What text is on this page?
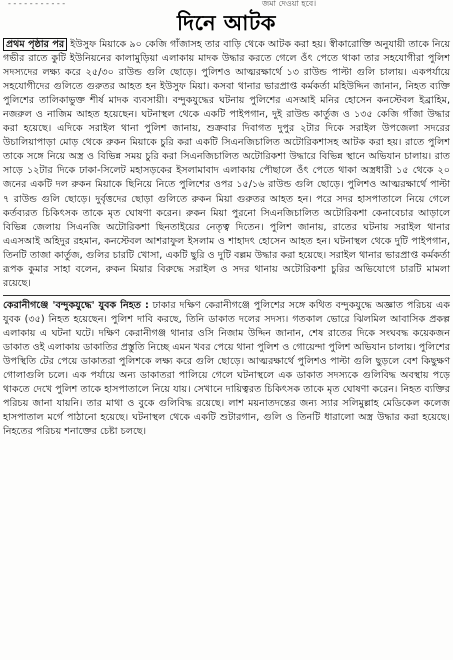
- - - - - - - - - - -	জমা দেওয়া হবে।
দিনে আটক

প্রথম পৃষ্ঠার পর ইউসুফ মিয়াকে ৯০ কেজি গাঁজাসহ তার বাড়ি থেকে আটক করা হয়। স্বীকারোক্তি অনুযায়ী তাকে নিয়ে গভীর রাতে কুটি ইউনিয়নের কালামুড়িয়া এলাকায় মাদক উদ্ধার করতে গেলে ওঁৎ পেতে থাকা তার সহযোগীরা পুলিশ সদস্যদের লক্ষ্য করে ২৫/৩০ রাউন্ড গুলি ছোড়ে। পুলিশও আত্মরক্ষার্থে ১৩ রাউন্ড পাল্টা গুলি চালায়। একপর্যায়ে সহযোগীদের গুলিতে গুরুতর আহত হন ইউসুফ মিয়া। কসবা থানার ভারপ্রাপ্ত কর্মকর্তা মহিউদ্দিন জানান, নিহত ব্যক্তি পুলিশের তালিকাভুক্ত শীর্ষ মাদক ব্যবসায়ী। বন্দুকযুদ্ধের ঘটনায় পুলিশের এসআই মনির হোসেন কনস্টেবল ইব্রাহিম, নজরুল ও নাজিম আহত হয়েছেন। ঘটনাস্থল থেকে একটি পাইপগান, দুই রাউন্ড কার্তুজ ও ১৩৫ কেজি গাঁজা উদ্ধার করা হয়েছে। এদিকে সরাইল থানা পুলিশ জানায়, শুক্রবার দিবাগত দুপুর ২টার দিকে সরাইল উপজেলা সদরের উচালিয়াপাড়া মোড় থেকে রুকন মিয়াকে চুরি করা একটি সিএনজিচালিত অটোরিকশাসহ আটক করা হয়। রাতে পুলিশ তাকে সঙ্গে নিয়ে অস্ত্র ও বিভিন্ন সময় চুরি করা সিএনজিচালিত অটোরিকশা উদ্ধারে বিভিন্ন স্থানে অভিযান চালায়। রাত সাড়ে ১২টার দিকে ঢাকা-সিলেট মহাসড়কের ইসলামাবাদ এলাকায় পৌছালে ওঁৎ পেতে থাকা অস্ত্রধারী ১৫ থেকে ২০ জনের একটি দল রুকন মিয়াকে ছিনিয়ে নিতে পুলিশের ওপর ১৫/১৬ রাউন্ড গুলি ছোড়ে। পুলিশও আত্মরক্ষার্থে পাল্টা ৭ রাউন্ড গুলি ছোড়ে। দুর্বৃত্তদের ছোড়া গুলিতে রুকন মিয়া গুরুতর আহত হন। পরে সদর হাসপাতালে নিয়ে গেলে কর্তব্যরত চিকিৎসক তাকে মৃত ঘোষণা করেন। রুকন মিয়া পুরনো সিএনজিচালিত অটোরিকশা কেনাবেচার আড়ালে বিভিন্ন জেলায় সিএনজি অটোরিকশা ছিনতাইয়ের নেতৃত্ব দিতেন। পুলিশ জানায়, রাতের ঘটনায় সরাইল থানার এএসআই অহিদুর রহমান, কনস্টেবল আশরাফুল ইসলাম ও শাহাদৎ হোসেন আহত হন। ঘটনাস্থল থেকে দুটি পাইপগান, তিনটি তাজা কার্তুজ, গুলির চারটি খোসা, একটি ছুরি ও দুটি বল্লম উদ্ধার করা হয়েছে। সরাইল থানার ভারপ্রাপ্ত কর্মকর্তা রূপক কুমার সাহা বলেন, রুকন মিয়ার বিরুদ্ধে সরাইল ও সদর থানায় অটোরিকশা চুরির অভিযোগে চারটি মামলা রয়েছে।

কেরানীগঞ্জে 'বন্দুকযুদ্ধে' যুবক নিহত : ঢাকার দক্ষিণ কেরানীগঞ্জে পুলিশের সঙ্গে কথিত বন্দুকযুদ্ধে অজ্ঞাত পরিচয় এক যুবক (৩৫) নিহত হয়েছেন। পুলিশ দাবি করছে, তিনি ডাকাত দলের সদস্য। গতকাল ভোরে ঝিলমিল আবাসিক প্রকল্প এলাকায় এ ঘটনা ঘটে। দক্ষিণ কেরানীগঞ্জ থানার ওসি নিজাম উদ্দিন জানান, শেষ রাতের দিকে সংঘবদ্ধ কয়েকজন ডাকাত ওই এলাকায় ডাকাতির প্রস্তুতি নিচ্ছে এমন খবর পেয়ে থানা পুলিশ ও গোয়েন্দা পুলিশ অভিযান চালায়। পুলিশের উপস্থিতি টের পেয়ে ডাকাতরা পুলিশকে লক্ষ্য করে গুলি ছোড়ে। আত্মরক্ষার্থে পুলিশও পাল্টা গুলি ছুড়লে বেশ কিছুক্ষণ গোলাগুলি চলে। এক পর্যায়ে অন্য ডাকাতরা পালিয়ে গেলে ঘটনাস্থলে এক ডাকাত সদস্যকে গুলিবিদ্ধ অবস্থায় পড়ে থাকতে দেখে পুলিশ তাকে হাসপাতালে নিয়ে যায়। সেখানে দায়িত্বরত চিকিৎসক তাকে মৃত ঘোষণা করেন। নিহত ব্যক্তির পরিচয় জানা যায়নি। তার মাথা ও বুকে গুলিবিদ্ধ রয়েছে। লাশ ময়নাতদন্তের জন্য স্যার সলিমুল্লাহ মেডিকেল কলেজ হাসপাতাল মর্গে পাঠানো হয়েছে। ঘটনাস্থল থেকে একটি শুটারগান, গুলি ও তিনটি ধারালো অস্ত্র উদ্ধার করা হয়েছে। নিহতের পরিচয় শনাক্তের চেষ্টা চলছে।
